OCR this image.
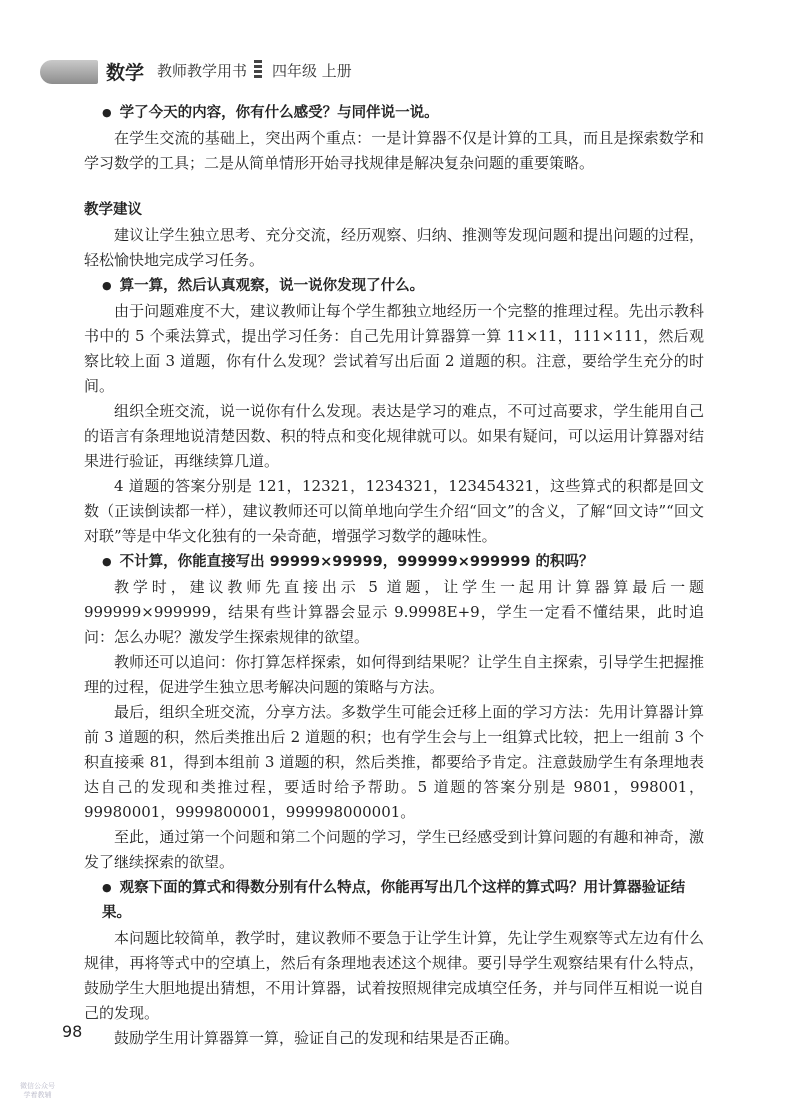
数学 教师教学用书 四年级 上册

● 学了今天的内容，你有什么感受？与同伴说一说。

在学生交流的基础上，突出两个重点：一是计算器不仅是计算的工具，而且是探索数学和学习数学的工具；二是从简单情形开始寻找规律是解决复杂问题的重要策略。

教学建议

建议让学生独立思考、充分交流，经历观察、归纳、推测等发现问题和提出问题的过程，轻松愉快地完成学习任务。

● 算一算，然后认真观察，说一说你发现了什么。

由于问题难度不大，建议教师让每个学生都独立地经历一个完整的推理过程。先出示教科书中的 5 个乘法算式，提出学习任务：自己先用计算器算一算 11×11，111×111，然后观察比较上面 3 道题，你有什么发现？尝试着写出后面 2 道题的积。注意，要给学生充分的时间。

组织全班交流，说一说你有什么发现。表达是学习的难点，不可过高要求，学生能用自己的语言有条理地说清楚因数、积的特点和变化规律就可以。如果有疑问，可以运用计算器对结果进行验证，再继续算几道。

4 道题的答案分别是 121，12321，1234321，123454321，这些算式的积都是回文数（正读倒读都一样），建议教师还可以简单地向学生介绍“回文”的含义，了解“回文诗”“回文对联”等是中华文化独有的一朵奇葩，增强学习数学的趣味性。

● 不计算，你能直接写出 99999×99999，999999×999999 的积吗？

教学时，建议教师先直接出示 5 道题，让学生一起用计算器算最后一题 999999×999999，结果有些计算器会显示 9.9998E+9，学生一定看不懂结果，此时追问：怎么办呢？激发学生探索规律的欲望。

教师还可以追问：你打算怎样探索，如何得到结果呢？让学生自主探索，引导学生把握推理的过程，促进学生独立思考解决问题的策略与方法。

最后，组织全班交流，分享方法。多数学生可能会迁移上面的学习方法：先用计算器计算前 3 道题的积，然后类推出后 2 道题的积；也有学生会与上一组算式比较，把上一组前 3 个积直接乘 81，得到本组前 3 道题的积，然后类推，都要给予肯定。注意鼓励学生有条理地表达自己的发现和类推过程，要适时给予帮助。5 道题的答案分别是 9801，998001，99980001，9999800001，999998000001。

至此，通过第一个问题和第二个问题的学习，学生已经感受到计算问题的有趣和神奇，激发了继续探索的欲望。

● 观察下面的算式和得数分别有什么特点，你能再写出几个这样的算式吗？用计算器验证结果。

本问题比较简单，教学时，建议教师不要急于让学生计算，先让学生观察等式左边有什么规律，再将等式中的空填上，然后有条理地表述这个规律。要引导学生观察结果有什么特点，鼓励学生大胆地提出猜想，不用计算器，试着按照规律完成填空任务，并与同伴互相说一说自己的发现。

鼓励学生用计算器算一算，验证自己的发现和结果是否正确。

98
微信公众号
学着教辅
